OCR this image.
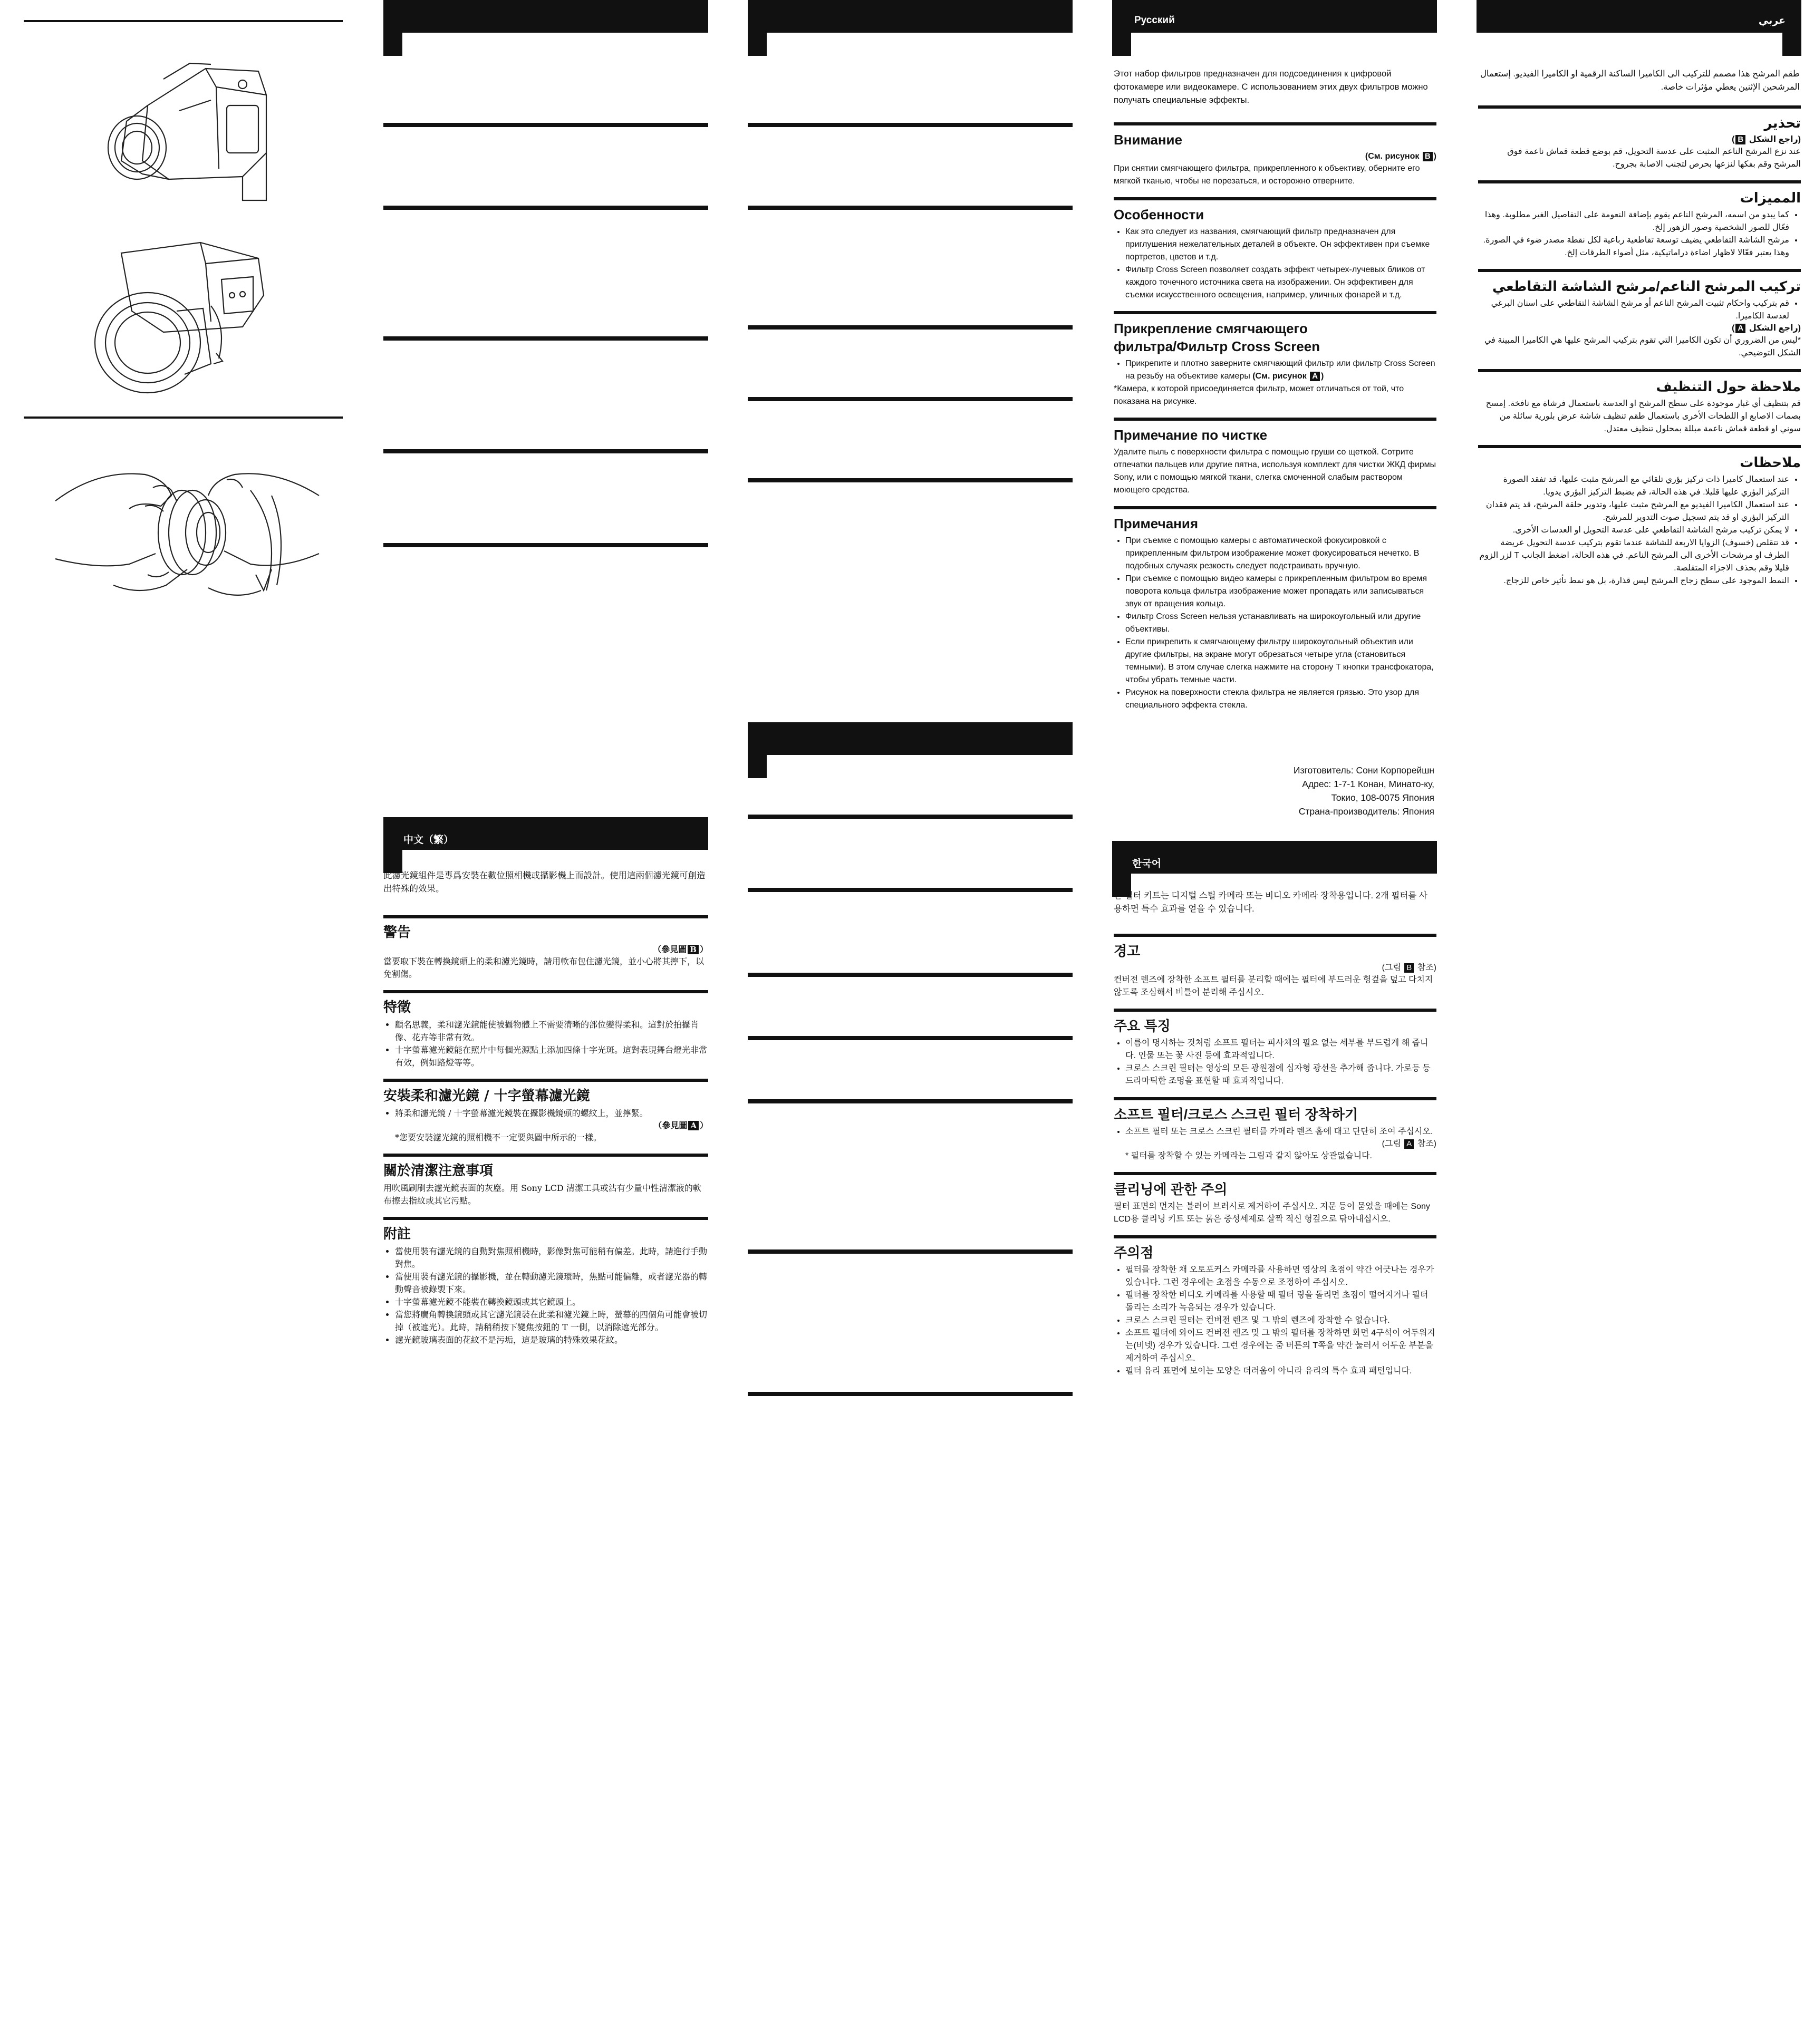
中文（繁）

此濾光鏡組件是專爲安裝在數位照相機或攝影機上而設計。使用這兩個濾光鏡可創造出特殊的效果。

警告
（參見圖 B ）

當要取下裝在轉換鏡頭上的柔和濾光鏡時，請用軟布包住濾光鏡，並小心將其擰下，以免割傷。

特徵
• 顧名思義，柔和濾光鏡能使被攝物體上不需要清晰的部位變得柔和。這對於拍攝肖像、花卉等非常有效。
• 十字螢幕濾光鏡能在照片中每個光源點上添加四條十字光斑。這對表現舞台燈光非常有效，例如路燈等等。
安裝柔和濾光鏡 / 十字螢幕濾光鏡
• 將柔和濾光鏡 / 十字螢幕濾光鏡裝在攝影機鏡頭的螺紋上，並擰緊。
（參見圖 A ）

*您要安裝濾光鏡的照相機不一定要與圖中所示的一樣。

關於清潔注意事項

用吹風刷刷去濾光鏡表面的灰塵。用 Sony LCD 清潔工具或沾有少量中性清潔液的軟布擦去指紋或其它污點。

附註
• 當使用裝有濾光鏡的自動對焦照相機時，影像對焦可能稍有偏差。此時，請進行手動對焦。
• 當使用裝有濾光鏡的攝影機，並在轉動濾光鏡環時，焦點可能偏離，或者濾光器的轉動聲音被錄製下來。
• 十字螢幕濾光鏡不能裝在轉換鏡頭或其它鏡頭上。
• 當您將廣角轉換鏡頭或其它濾光鏡裝在此柔和濾光鏡上時，螢幕的四個角可能會被切掉（被遮光）。此時，請稍稍按下變焦按鈕的 T 一側，以消除遮光部分。
• 濾光鏡玻璃表面的花紋不是污垢，這是玻璃的特殊效果花紋。
Русский

Этот набор фильтров предназначен для подсоединения к цифровой фотокамере или видеокамере. С использованием этих двух фильтров можно получать специальные эффекты.

Внимание
(См. рисунок B )

При снятии смягчающего фильтра, прикрепленного к объективу, оберните его мягкой тканью, чтобы не порезаться, и осторожно отверните.

Особенности
• Как это следует из названия, смягчающий фильтр предназначен для приглушения нежелательных деталей в объекте. Он эффективен при съемке портретов, цветов и т.д.
• Фильтр Cross Screen позволяет создать эффект четырех-лучевых бликов от каждого точечного источника света на изображении. Он эффективен для съемки искусственного освещения, например, уличных фонарей и т.д.
Прикрепление смягчающего
фильтра/Фильтр Cross Screen
• Прикрепите и плотно заверните смягчающий фильтр или фильтр Cross Screen на резьбу на объективе камеры (См. рисунок A )

*Камера, к которой присоединяется фильтр, может отличаться от той, что показана на рисунке.

Примечание по чистке

Удалите пыль с поверхности фильтра с помощью груши со щеткой. Сотрите отпечатки пальцев или другие пятна, используя комплект для чистки ЖКД фирмы Sony, или с помощью мягкой ткани, слегка смоченной слабым раствором моющего средства.

Примечания
• При съемке с помощью камеры с автоматической фокусировкой с прикрепленным фильтром изображение может фокусироваться нечетко. В подобных случаях резкость следует подстраивать вручную.
• При съемке с помощью видео камеры с прикрепленным фильтром во время поворота кольца фильтра изображение может пропадать или записываться звук от вращения кольца.
• Фильтр Cross Screen нельзя устанавливать на широкоугольный или другие объективы.
• Если прикрепить к смягчающему фильтру широкоугольный объектив или другие фильтры, на экране могут обрезаться четыре угла (становиться темными). В этом случае слегка нажмите на сторону T кнопки трансфокатора, чтобы убрать темные части.
• Рисунок на поверхности стекла фильтра не является грязью. Это узор для специального эффекта стекла.
Изготовитель: Сони Корпорейшн
Адрес: 1-7-1 Конан, Минато-ку,
Токио, 108-0075 Япония
Страна-производитель: Япония
한국어

본 필터 키트는 디지털 스틸 카메라 또는 비디오 카메라 장착용입니다. 2개 필터를 사용하면 특수 효과를 얻을 수 있습니다.

경고
(그림 B 참조)

컨버전 렌즈에 장착한 소프트 필터를 분리할 때에는 필터에 부드러운 헝겊을 덮고 다치지 않도록 조심해서 비틀어 분리해 주십시오.

주요 특징
• 이름이 명시하는 것처럼 소프트 필터는 피사체의 필요 없는 세부를 부드럽게 해 줍니다. 인물 또는 꽃 사진 등에 효과적입니다.
• 크로스 스크린 필터는 영상의 모든 광원점에 십자형 광선을 추가해 줍니다. 가로등 등 드라마틱한 조명을 표현할 때 효과적입니다.
소프트 필터/크로스 스크린 필터 장착하기
• 소프트 필터 또는 크로스 스크린 필터를 카메라 렌즈 홈에 대고 단단히 조여 주십시오.
(그림 A 참조)

* 필터를 장착할 수 있는 카메라는 그림과 같지 않아도 상관없습니다.

클리닝에 관한 주의

필터 표면의 먼지는 블러어 브러시로 제거하여 주십시오. 지문 등이 묻었을 때에는 Sony LCD용 클리닝 키트 또는 묽은 중성세제로 살짝 적신 헝겊으로 닦아내십시오.

주의점
• 필터를 장착한 채 오토포커스 카메라를 사용하면 영상의 초점이 약간 어긋나는 경우가 있습니다. 그런 경우에는 초점을 수동으로 조정하여 주십시오.
• 필터를 장착한 비디오 카메라를 사용할 때 필터 링을 돌리면 초점이 떨어지거나 필터 돌리는 소리가 녹음되는 경우가 있습니다.
• 크로스 스크린 필터는 컨버전 렌즈 및 그 밖의 렌즈에 장착할 수 없습니다.
• 소프트 필터에 와이드 컨버전 렌즈 및 그 밖의 필터를 장착하면 화면 4구석이 어두워지는(비넷) 경우가 있습니다. 그런 경우에는 줌 버튼의 T쪽을 약간 눌러서 어두운 부분을 제거하여 주십시오.
• 필터 유리 표면에 보이는 모양은 더러움이 아니라 유리의 특수 효과 패턴입니다.
عربي

طقم المرشح هذا مصمم للتركيب الى الكاميرا الساكنة الرقمية او الكاميرا الفيديو. إستعمال المرشحين الإثنين يعطي مؤثرات خاصة.

تحذير
(راجع الشكل B)

عند نزع المرشح الناعم المثبت على عدسة التحويل، قم بوضع قطعة قماش ناعمة فوق المرشح وقم بفكها لنزعها بحرص لتجنب الاصابة بجروح.

المميزات
• كما يبدو من اسمه، المرشح الناعم يقوم بإضافة النعومة على التفاصيل الغير مطلوبة. وهذا فعّال للصور الشخصية وصور الزهور إلخ.
• مرشح الشاشة التقاطعي يضيف توسعة تقاطعية رباعية لكل نقطة مصدر ضوء في الصورة. وهذا يعتبر فعّالا لاظهار اضاءة دراماتيكية، مثل أضواء الطرقات إلخ.
تركيب المرشح الناعم/مرشح الشاشة التقاطعي
• قم بتركيب واحكام تثبيت المرشح الناعم أو مرشح الشاشة التقاطعي على اسنان البرغي لعدسة الكاميرا.
(راجع الشكل A)

*ليس من الضروري أن تكون الكاميرا التي تقوم بتركيب المرشح عليها هي الكاميرا المبينة في الشكل التوضيحي.

ملاحظة حول التنظيف

قم بتنظيف أي غبار موجودة على سطح المرشح او العدسة باستعمال فرشاة مع نافخة. إمسح بصمات الاصابع او اللطخات الأخرى باستعمال طقم تنظيف شاشة عرض بلورية سائلة من سوني او قطعة قماش ناعمة مبللة بمحلول تنظيف معتدل.

ملاحظات
• عند استعمال كاميرا ذات تركيز بؤري تلقائي مع المرشح مثبت عليها، قد تفقد الصورة التركيز البؤري عليها قليلا. في هذه الحالة، قم بضبط التركيز البؤري يدويا.
• عند استعمال الكاميرا الفيديو مع المرشح مثبت عليها، وتدوير حلقة المرشح، قد يتم فقدان التركيز البؤري او قد يتم تسجيل صوت التدوير للمرشح.
• لا يمكن تركيب مرشح الشاشة التقاطعي على عدسة التحويل او العدسات الأخرى.
• قد تتقلص (خسوف) الزوايا الاربعة للشاشة عندما تقوم بتركيب عدسة التحويل عريضة الطرف او مرشحات الأخرى الى المرشح الناعم. في هذه الحالة، اضغط الجانب T لزر الزوم قليلا وقم بحذف الاجزاء المتقلصة.
• النمط الموجود على سطح زجاج المرشح ليس قذارة، بل هو نمط تأثير خاص للزجاج.
